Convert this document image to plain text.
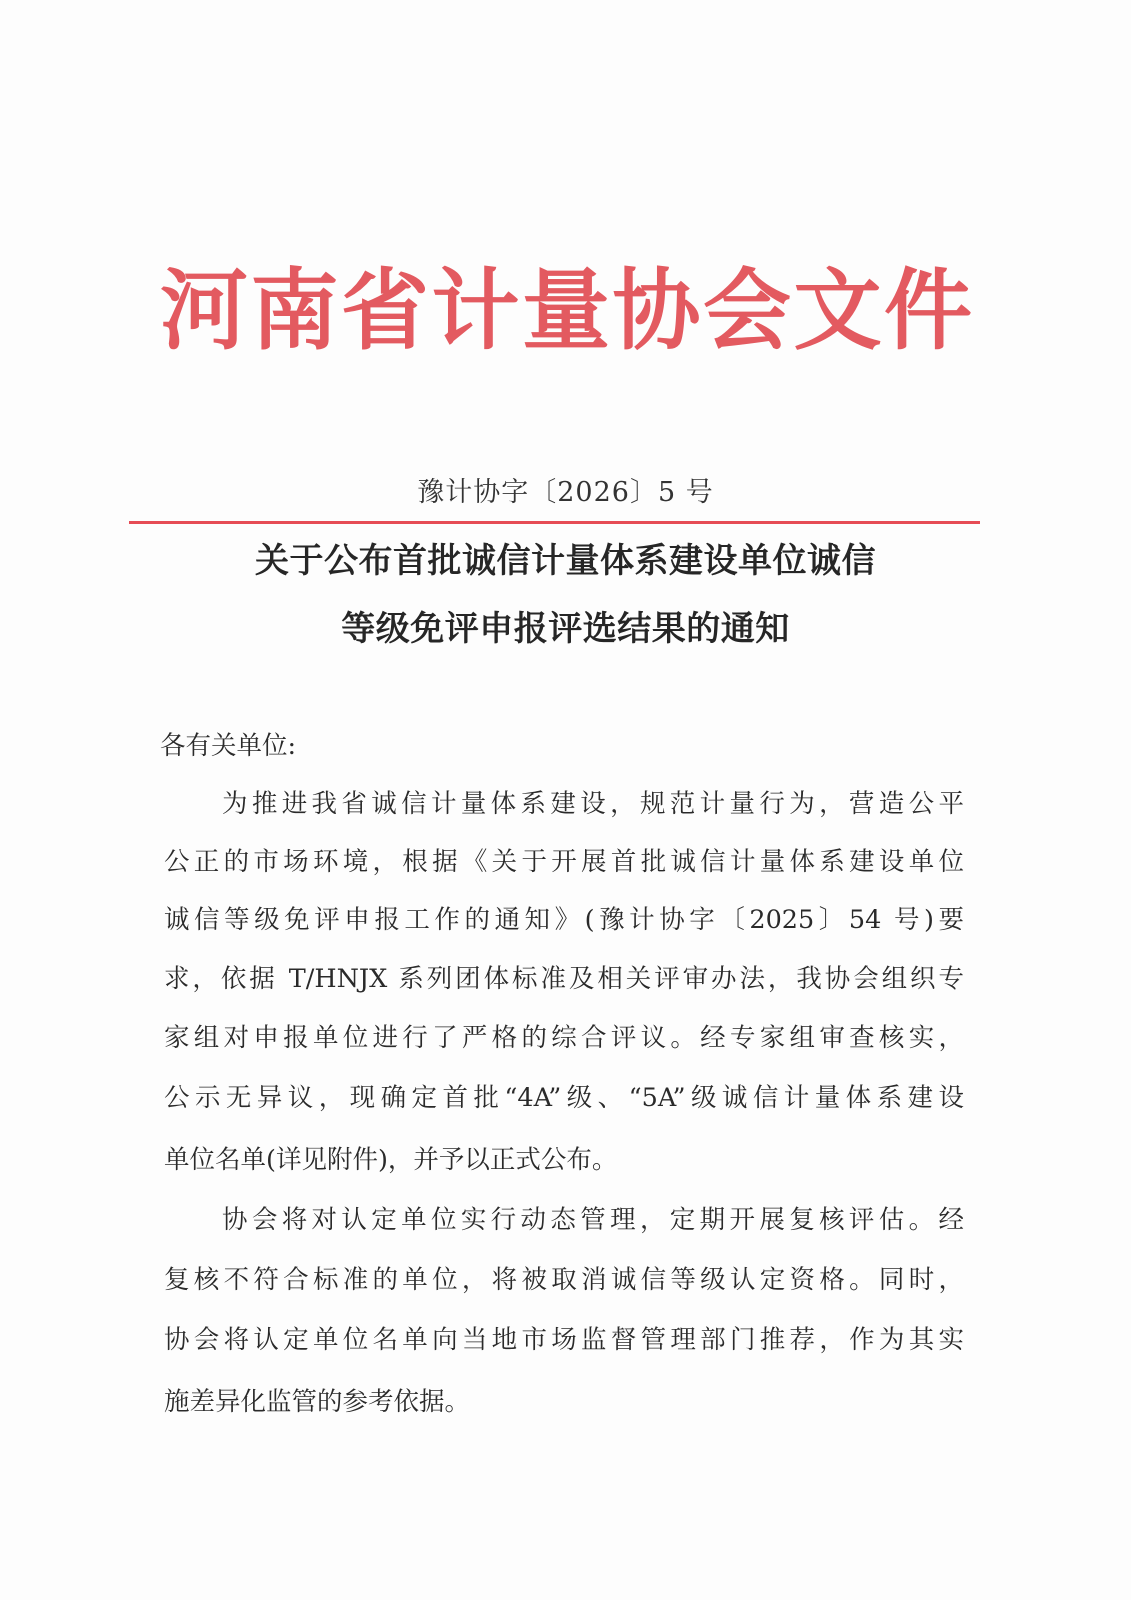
河南省计量协会文件
豫计协字〔2026〕5 号
关于公布首批诚信计量体系建设单位诚信
等级免评申报评选结果的通知
各有关单位:
为推进我省诚信计量体系建设，规范计量行为，营造公平
公正的市场环境，根据《关于开展首批诚信计量体系建设单位
诚信等级免评申报工作的通知》(豫计协字〔2025〕54 号)要
求，依据 T/HNJX 系列团体标准及相关评审办法，我协会组织专
家组对申报单位进行了严格的综合评议。经专家组审查核实，
公示无异议，现确定首批“4A”级、“5A”级诚信计量体系建设
单位名单(详见附件)，并予以正式公布。
协会将对认定单位实行动态管理，定期开展复核评估。经
复核不符合标准的单位，将被取消诚信等级认定资格。同时，
协会将认定单位名单向当地市场监督管理部门推荐，作为其实
施差异化监管的参考依据。
